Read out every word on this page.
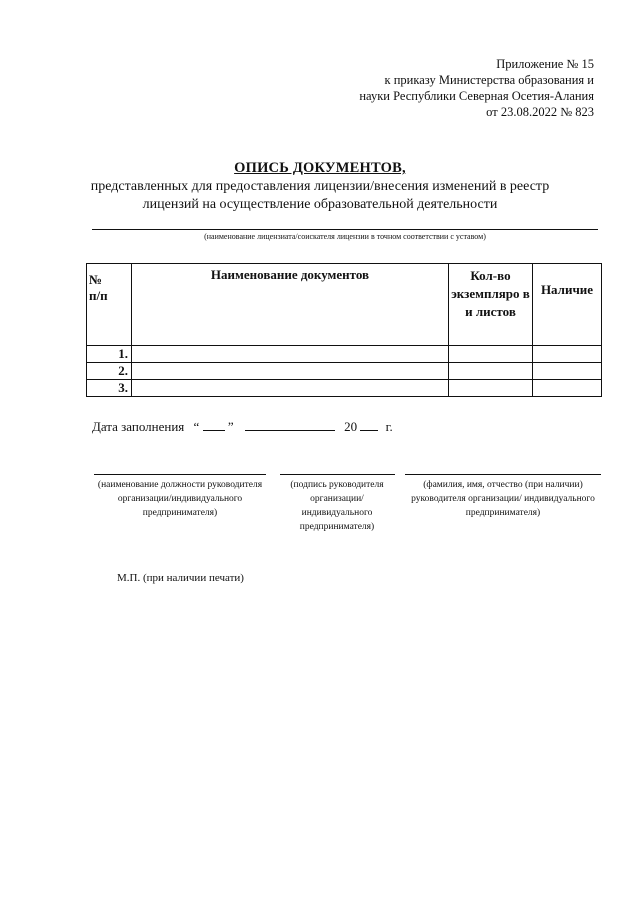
Приложение № 15
к приказу Министерства образования и
науки Республики Северная Осетия-Алания
от 23.08.2022 № 823
ОПИСЬ ДОКУМЕНТОВ,
представленных для предоставления лицензии/внесения изменений в реестр лицензий на осуществление образовательной деятельности
(наименование лицензиата/соискателя лицензии в точном соответствии с уставом)
№
п/п	Наименование документов	Кол-во экземпляро в и листов	Наличие
1.			
2.			
3.			
Дата заполнения “ ”	20 г.
(наименование должности руководителя организации/индивидуального предпринимателя)
(подпись руководителя организации/ индивидуального предпринимателя)
(фамилия, имя, отчество (при наличии) руководителя организации/ индивидуального предпринимателя)
М.П. (при наличии печати)
